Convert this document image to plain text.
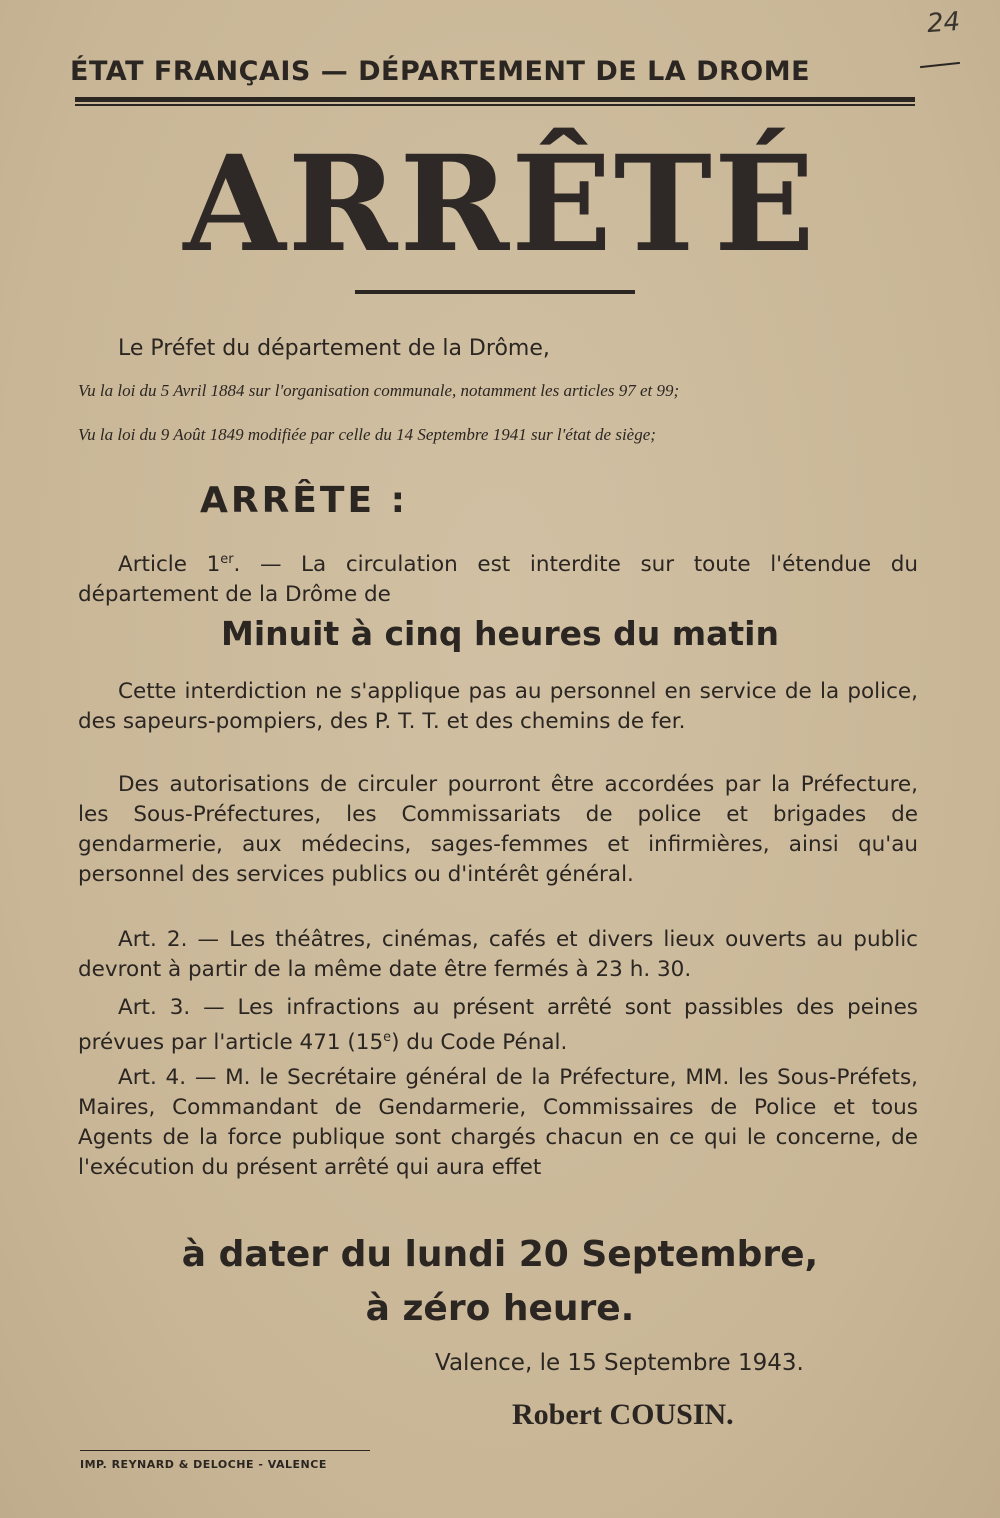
24
ÉTAT FRANÇAIS — DÉPARTEMENT DE LA DROME
ARRÊTÉ
Le Préfet du département de la Drôme,
Vu la loi du 5 Avril 1884 sur l'organisation communale, notamment les articles 97 et 99;
Vu la loi du 9 Août 1849 modifiée par celle du 14 Septembre 1941 sur l'état de siège;
ARRÊTE :
Article 1er. — La circulation est interdite sur toute l'étendue du département de la Drôme de
Minuit à cinq heures du matin
Cette interdiction ne s'applique pas au personnel en service de la police, des sapeurs-pompiers, des P. T. T. et des chemins de fer.
Des autorisations de circuler pourront être accordées par la Préfecture, les Sous-Préfectures, les Commissariats de police et brigades de gendarmerie, aux médecins, sages-femmes et infirmières, ainsi qu'au personnel des services publics ou d'intérêt général.
Art. 2. — Les théâtres, cinémas, cafés et divers lieux ouverts au public devront à partir de la même date être fermés à 23 h. 30.
Art. 3. — Les infractions au présent arrêté sont passibles des peines prévues par l'article 471 (15e) du Code Pénal.
Art. 4. — M. le Secrétaire général de la Préfecture, MM. les Sous-Préfets, Maires, Commandant de Gendarmerie, Commissaires de Police et tous Agents de la force publique sont chargés chacun en ce qui le concerne, de l'exécution du présent arrêté qui aura effet
à dater du lundi 20 Septembre,
à zéro heure.
Valence, le 15 Septembre 1943.
Robert COUSIN.
IMP. REYNARD & DELOCHE - VALENCE
